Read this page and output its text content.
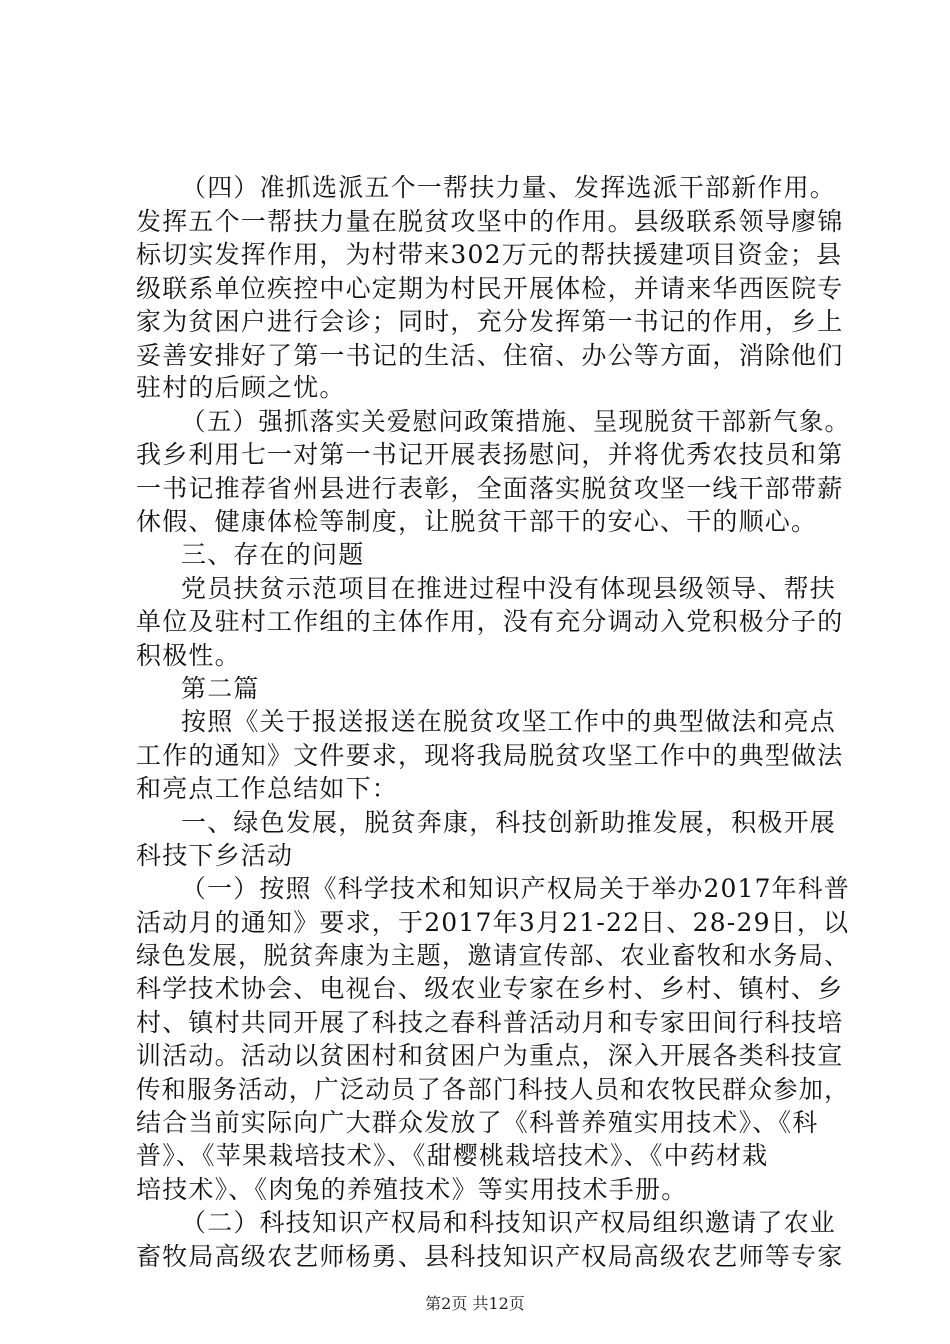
（四）准抓选派五个一帮扶力量、发挥选派干部新作用。
发挥五个一帮扶力量在脱贫攻坚中的作用。县级联系领导廖锦
标切实发挥作用，为村带来302万元的帮扶援建项目资金；县
级联系单位疾控中心定期为村民开展体检，并请来华西医院专
家为贫困户进行会诊；同时，充分发挥第一书记的作用，乡上
妥善安排好了第一书记的生活、住宿、办公等方面，消除他们
驻村的后顾之忧。
（五）强抓落实关爱慰问政策措施、呈现脱贫干部新气象。
我乡利用七一对第一书记开展表扬慰问，并将优秀农技员和第
一书记推荐省州县进行表彰，全面落实脱贫攻坚一线干部带薪
休假、健康体检等制度，让脱贫干部干的安心、干的顺心。
三、存在的问题
党员扶贫示范项目在推进过程中没有体现县级领导、帮扶
单位及驻村工作组的主体作用，没有充分调动入党积极分子的
积极性。
第二篇
按照《关于报送报送在脱贫攻坚工作中的典型做法和亮点
工作的通知》文件要求，现将我局脱贫攻坚工作中的典型做法
和亮点工作总结如下：
一、绿色发展，脱贫奔康，科技创新助推发展，积极开展
科技下乡活动
（一）按照《科学技术和知识产权局关于举办2017年科普
活动月的通知》要求，于2017年3月21-22日、28-29日，以
绿色发展，脱贫奔康为主题，邀请宣传部、农业畜牧和水务局、
科学技术协会、电视台、级农业专家在乡村、乡村、镇村、乡
村、镇村共同开展了科技之春科普活动月和专家田间行科技培
训活动。活动以贫困村和贫困户为重点，深入开展各类科技宣
传和服务活动，广泛动员了各部门科技人员和农牧民群众参加，
结合当前实际向广大群众发放了《科普养殖实用技术》、《科
普》、《苹果栽培技术》、《甜樱桃栽培技术》、《中药材栽
培技术》、《肉兔的养殖技术》等实用技术手册。
（二）科技知识产权局和科技知识产权局组织邀请了农业
畜牧局高级农艺师杨勇、县科技知识产权局高级农艺师等专家
第2页 共12页
